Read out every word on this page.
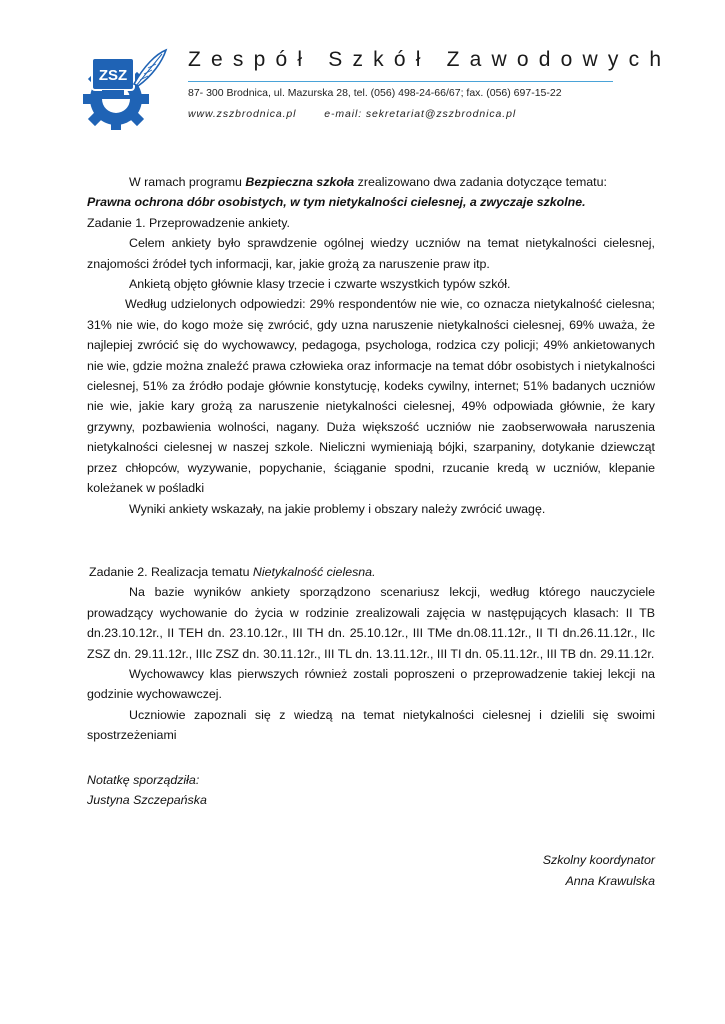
ZSZ
Zespół Szkół Zawodowych
87- 300 Brodnica, ul. Mazurska 28, tel. (056) 498-24-66/67; fax. (056) 697-15-22
www.zszbrodnica.pl	e-mail: sekretariat@zszbrodnica.pl

W ramach programu Bezpieczna szkoła zrealizowano dwa zadania dotyczące tematu:

Prawna ochrona dóbr osobistych, w tym nietykalności cielesnej, a zwyczaje szkolne.

Zadanie 1. Przeprowadzenie ankiety.

Celem ankiety było sprawdzenie ogólnej wiedzy uczniów na temat nietykalności cielesnej, znajomości źródeł tych informacji, kar, jakie grożą za naruszenie praw itp.

Ankietą objęto głównie klasy trzecie i czwarte wszystkich typów szkół.

Według udzielonych odpowiedzi: 29% respondentów nie wie, co oznacza nietykalność cielesna; 31% nie wie, do kogo może się zwrócić, gdy uzna naruszenie nietykalności cielesnej, 69% uważa, że najlepiej zwrócić się do wychowawcy, pedagoga, psychologa, rodzica czy policji; 49% ankietowanych nie wie, gdzie można znaleźć prawa człowieka oraz informacje na temat dóbr osobistych i nietykalności cielesnej, 51% za źródło podaje głównie konstytucję, kodeks cywilny, internet; 51% badanych uczniów nie wie, jakie kary grożą za naruszenie nietykalności cielesnej, 49% odpowiada głównie, że kary grzywny, pozbawienia wolności, nagany. Duża większość uczniów nie zaobserwowała naruszenia nietykalności cielesnej w naszej szkole. Nieliczni wymieniają bójki, szarpaniny, dotykanie dziewcząt przez chłopców, wyzywanie, popychanie, ściąganie spodni, rzucanie kredą w uczniów, klepanie koleżanek w pośladki

Wyniki ankiety wskazały, na jakie problemy i obszary należy zwrócić uwagę.

Zadanie 2. Realizacja tematu Nietykalność cielesna.

Na bazie wyników ankiety sporządzono scenariusz lekcji, według którego nauczyciele prowadzący wychowanie do życia w rodzinie zrealizowali zajęcia w następujących klasach: II TB dn.23.10.12r., II TEH dn. 23.10.12r., III TH dn. 25.10.12r., III TMe dn.08.11.12r., II TI dn.26.11.12r., IIc ZSZ dn. 29.11.12r., IIIc ZSZ dn. 30.11.12r., III TL dn. 13.11.12r., III TI dn. 05.11.12r., III TB dn. 29.11.12r.

Wychowawcy klas pierwszych również zostali poproszeni o przeprowadzenie takiej lekcji na godzinie wychowawczej.

Uczniowie zapoznali się z wiedzą na temat nietykalności cielesnej i dzielili się swoimi spostrzeżeniami

Notatkę sporządziła:

Justyna Szczepańska

Szkolny koordynator

Anna Krawulska
